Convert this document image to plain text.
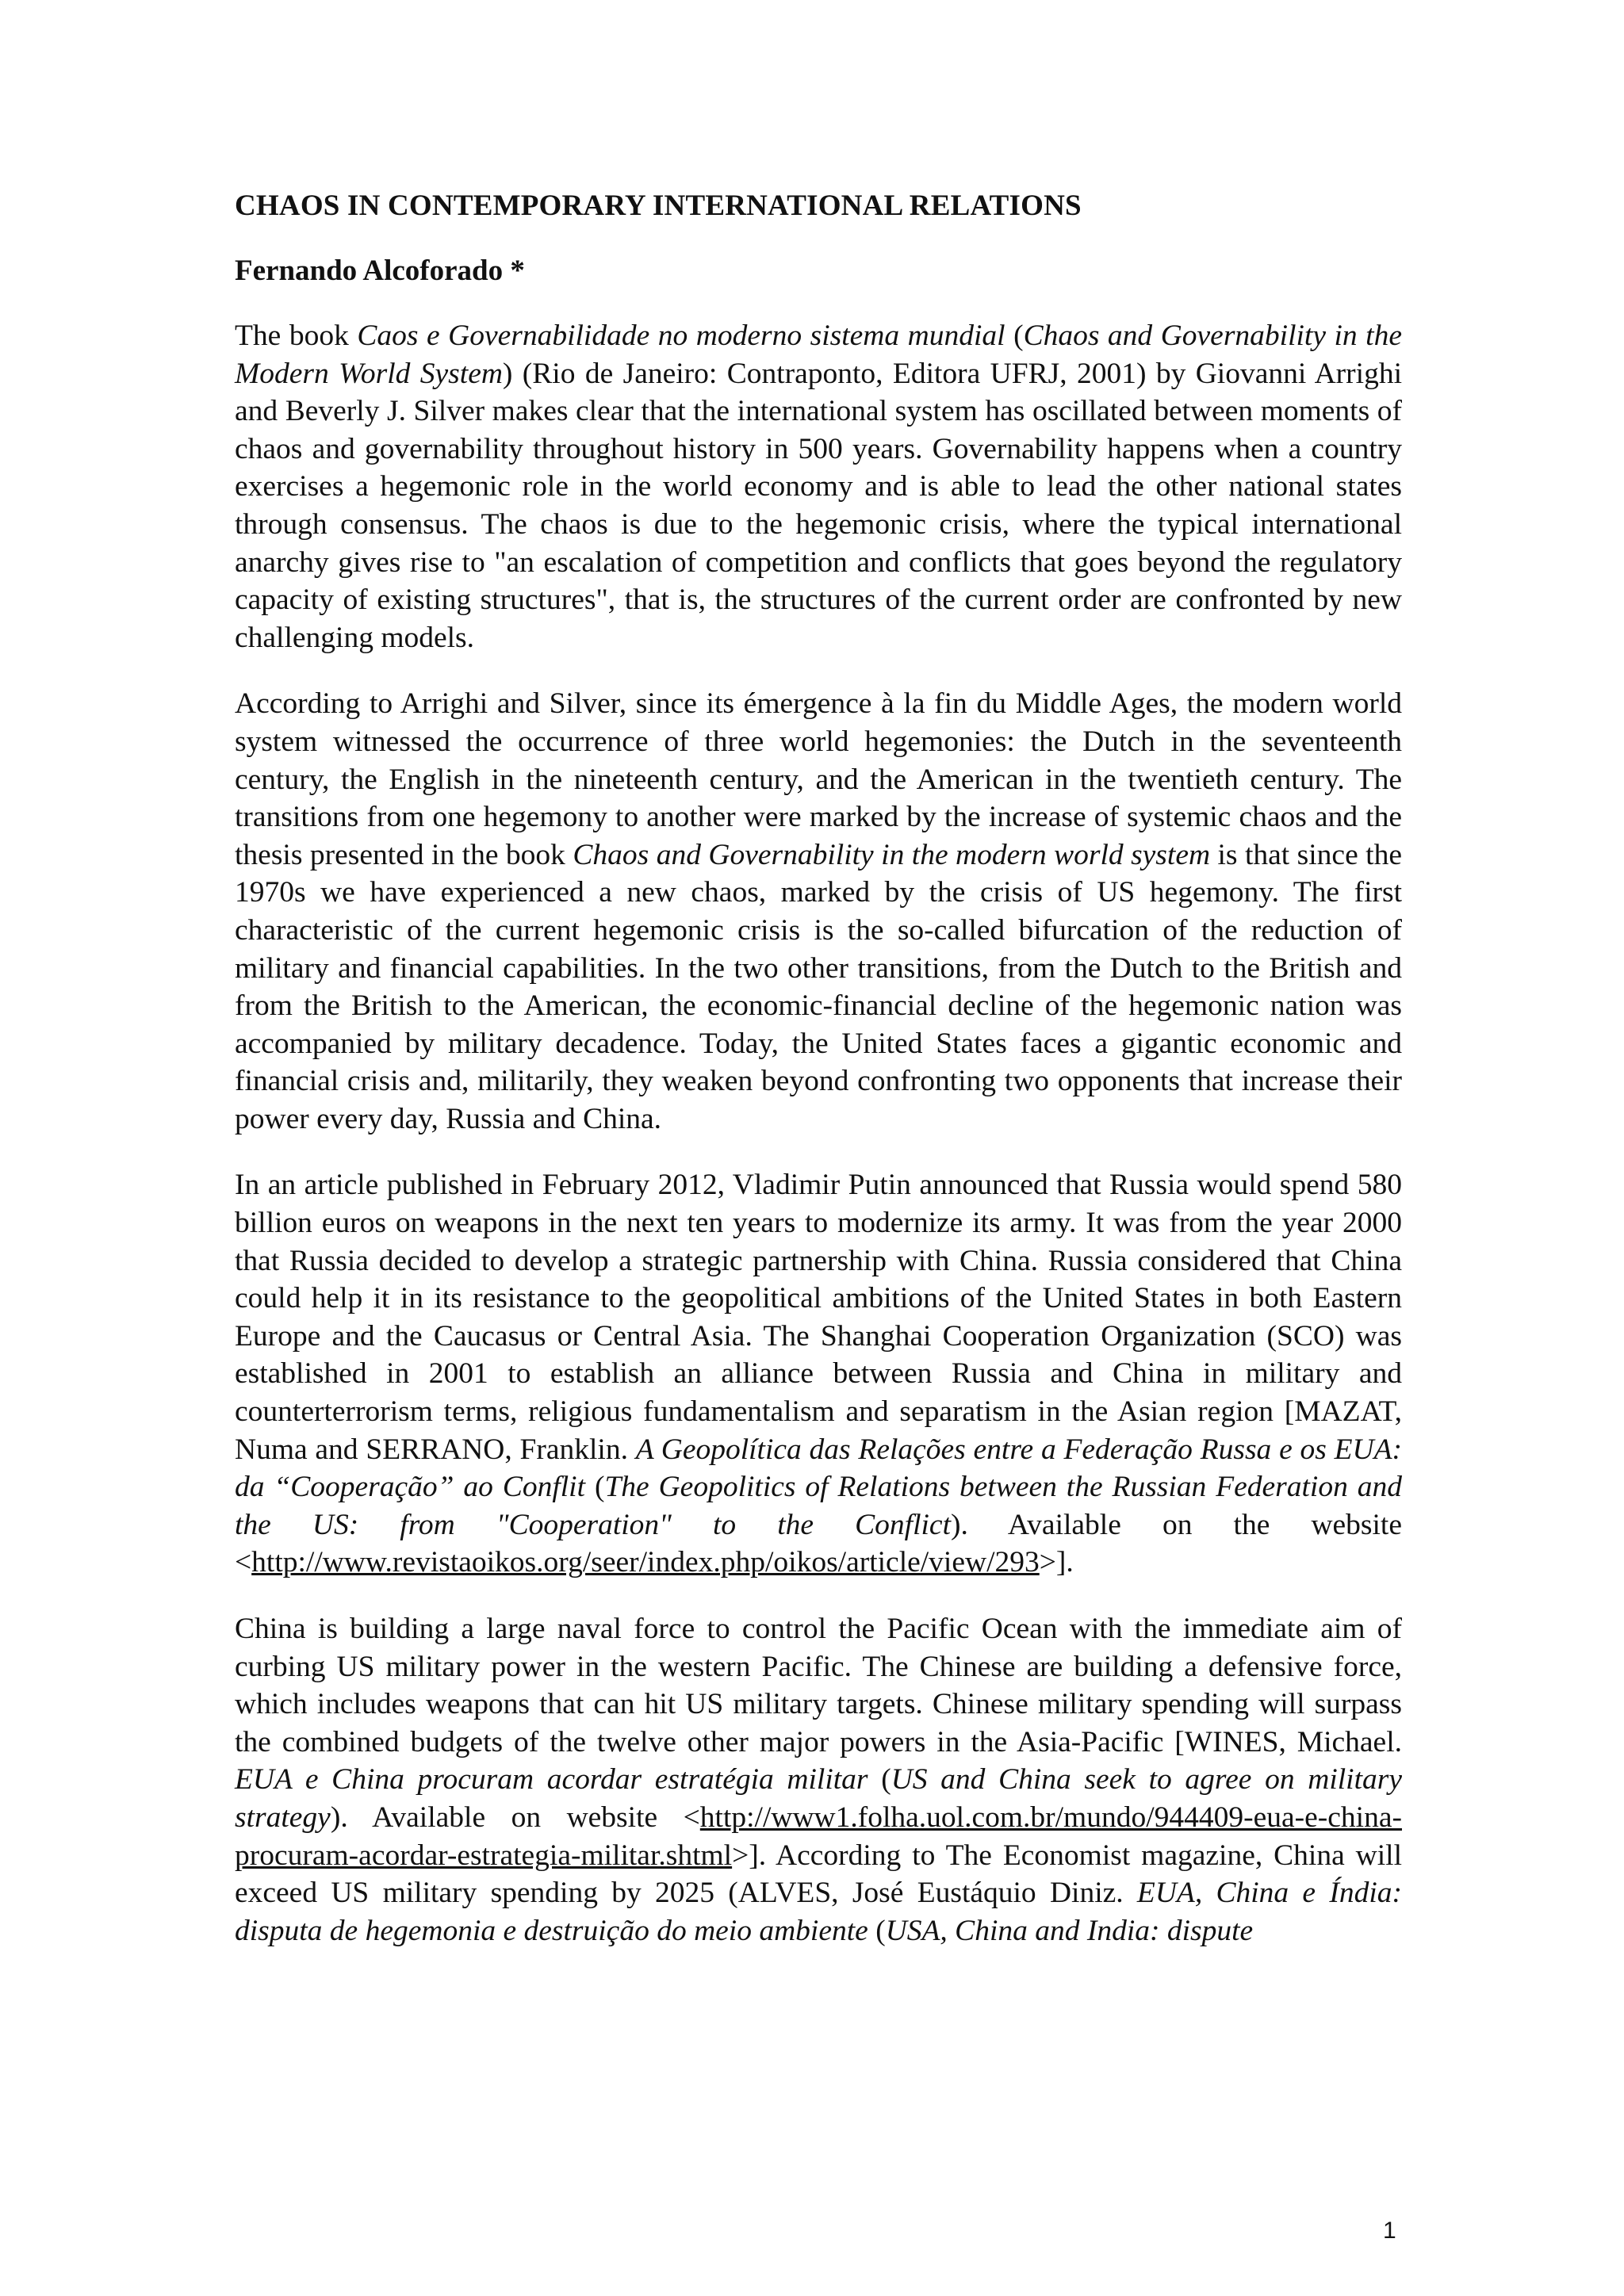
CHAOS IN CONTEMPORARY INTERNATIONAL RELATIONS
Fernando Alcoforado *

The book Caos e Governabilidade no moderno sistema mundial (Chaos and Governability in the Modern World System) (Rio de Janeiro: Contraponto, Editora UFRJ, 2001) by Giovanni Arrighi and Beverly J. Silver makes clear that the international system has oscillated between moments of chaos and governability throughout history in 500 years. Governability happens when a country exercises a hegemonic role in the world economy and is able to lead the other national states through consensus. The chaos is due to the hegemonic crisis, where the typical international anarchy gives rise to "an escalation of competition and conflicts that goes beyond the regulatory capacity of existing structures", that is, the structures of the current order are confronted by new challenging models.

According to Arrighi and Silver, since its émergence à la fin du Middle Ages, the modern world system witnessed the occurrence of three world hegemonies: the Dutch in the seventeenth century, the English in the nineteenth century, and the American in the twentieth century. The transitions from one hegemony to another were marked by the increase of systemic chaos and the thesis presented in the book Chaos and Governability in the modern world system is that since the 1970s we have experienced a new chaos, marked by the crisis of US hegemony. The first characteristic of the current hegemonic crisis is the so-called bifurcation of the reduction of military and financial capabilities. In the two other transitions, from the Dutch to the British and from the British to the American, the economic-financial decline of the hegemonic nation was accompanied by military decadence. Today, the United States faces a gigantic economic and financial crisis and, militarily, they weaken beyond confronting two opponents that increase their power every day, Russia and China.

In an article published in February 2012, Vladimir Putin announced that Russia would spend 580 billion euros on weapons in the next ten years to modernize its army. It was from the year 2000 that Russia decided to develop a strategic partnership with China. Russia considered that China could help it in its resistance to the geopolitical ambitions of the United States in both Eastern Europe and the Caucasus or Central Asia. The Shanghai Cooperation Organization (SCO) was established in 2001 to establish an alliance between Russia and China in military and counterterrorism terms, religious fundamentalism and separatism in the Asian region [MAZAT, Numa and SERRANO, Franklin. A Geopolítica das Relações entre a Federação Russa e os EUA: da “Cooperação” ao Conflit (The Geopolitics of Relations between the Russian Federation and the US: from "Cooperation" to the Conflict). Available on the website <http://www.revistaoikos.org/seer/index.php/oikos/article/view/293>].

China is building a large naval force to control the Pacific Ocean with the immediate aim of curbing US military power in the western Pacific. The Chinese are building a defensive force, which includes weapons that can hit US military targets. Chinese military spending will surpass the combined budgets of the twelve other major powers in the Asia-Pacific [WINES, Michael. EUA e China procuram acordar estratégia militar (US and China seek to agree on military strategy). Available on website <http://www1.folha.uol.com.br/mundo/944409-eua-e-china-procuram-acordar-estrategia-militar.shtml>]. According to The Economist magazine, China will exceed US military spending by 2025 (ALVES, José Eustáquio Diniz. EUA, China e Índia: disputa de hegemonia e destruição do meio ambiente (USA, China and India: dispute

1
